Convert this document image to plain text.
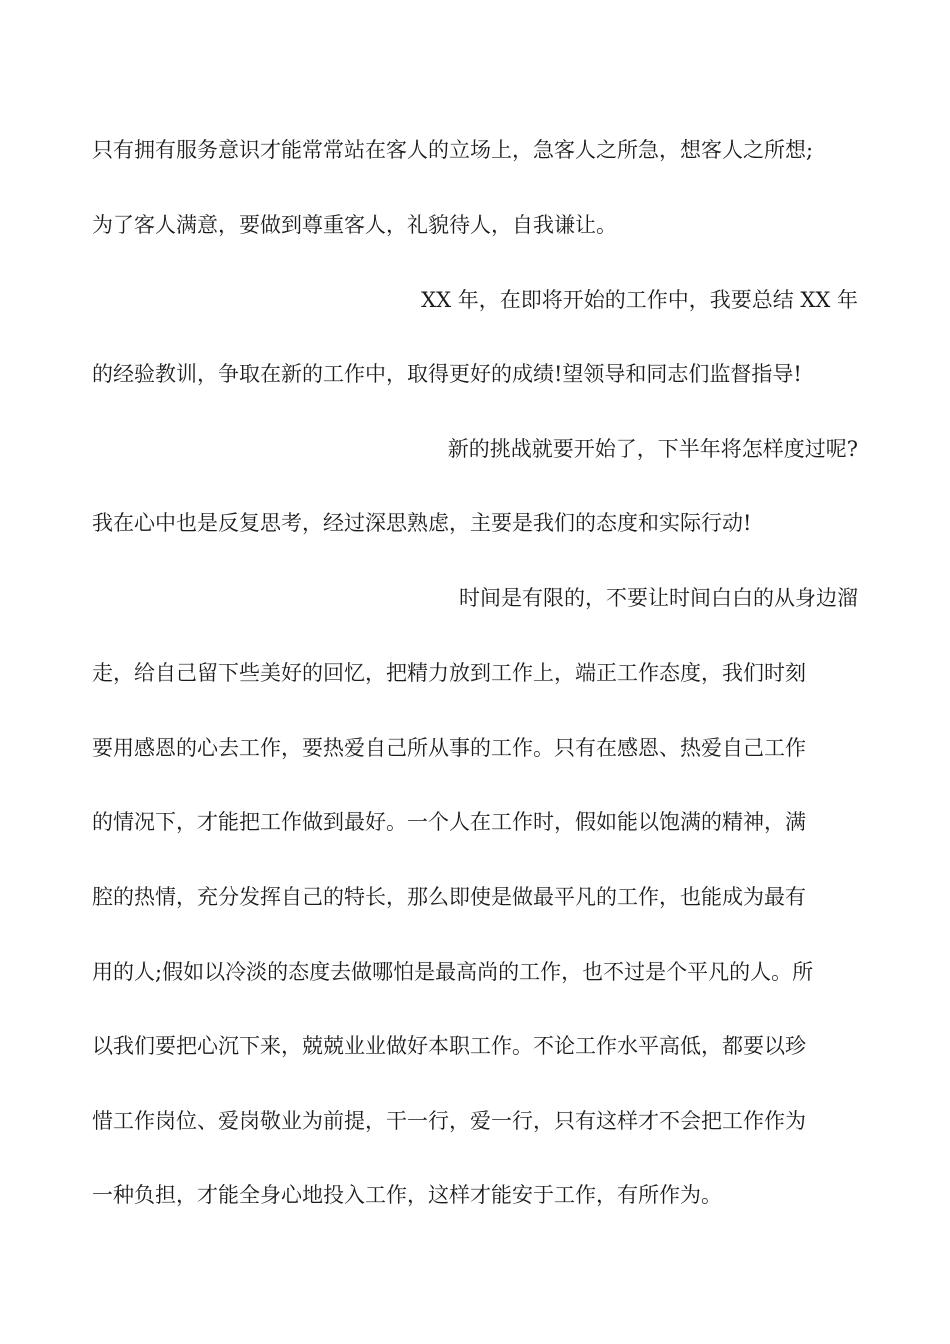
只有拥有服务意识才能常常站在客人的立场上，急客人之所急，想客人之所想;
为了客人满意，要做到尊重客人，礼貌待人，自我谦让。
XX 年，在即将开始的工作中，我要总结 XX 年
的经验教训，争取在新的工作中，取得更好的成绩!望领导和同志们监督指导!
新的挑战就要开始了，下半年将怎样度过呢?
我在心中也是反复思考，经过深思熟虑，主要是我们的态度和实际行动!
时间是有限的，不要让时间白白的从身边溜
走，给自己留下些美好的回忆，把精力放到工作上，端正工作态度，我们时刻
要用感恩的心去工作，要热爱自己所从事的工作。只有在感恩、热爱自己工作
的情况下，才能把工作做到最好。一个人在工作时，假如能以饱满的精神，满
腔的热情，充分发挥自己的特长，那么即使是做最平凡的工作，也能成为最有
用的人;假如以冷淡的态度去做哪怕是最高尚的工作，也不过是个平凡的人。所
以我们要把心沉下来，兢兢业业做好本职工作。不论工作水平高低，都要以珍
惜工作岗位、爱岗敬业为前提，干一行，爱一行，只有这样才不会把工作作为
一种负担，才能全身心地投入工作，这样才能安于工作，有所作为。
